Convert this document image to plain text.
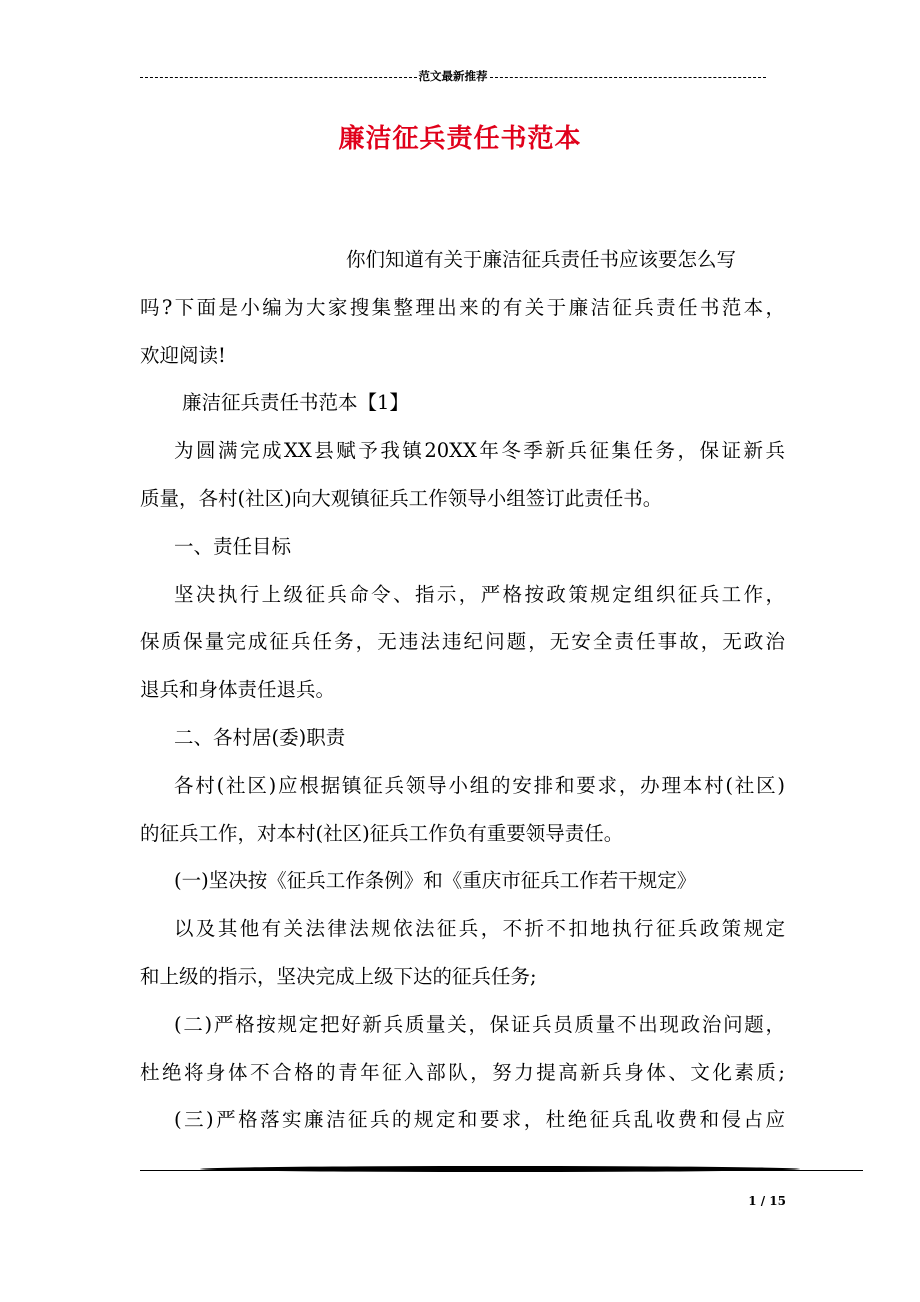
范文最新推荐
廉洁征兵责任书范本
你们知道有关于廉洁征兵责任书应该要怎么写
吗?下面是小编为大家搜集整理出来的有关于廉洁征兵责任书范本，
欢迎阅读!
廉洁征兵责任书范本【1】
为圆满完成XX县赋予我镇20XX年冬季新兵征集任务，保证新兵
质量，各村(社区)向大观镇征兵工作领导小组签订此责任书。
一、责任目标
坚决执行上级征兵命令、指示，严格按政策规定组织征兵工作，
保质保量完成征兵任务，无违法违纪问题，无安全责任事故，无政治
退兵和身体责任退兵。
二、各村居(委)职责
各村(社区)应根据镇征兵领导小组的安排和要求，办理本村(社区)
的征兵工作，对本村(社区)征兵工作负有重要领导责任。
(一)坚决按《征兵工作条例》和《重庆市征兵工作若干规定》
以及其他有关法律法规依法征兵，不折不扣地执行征兵政策规定
和上级的指示，坚决完成上级下达的征兵任务;
(二)严格按规定把好新兵质量关，保证兵员质量不出现政治问题，
杜绝将身体不合格的青年征入部队，努力提高新兵身体、文化素质;
(三)严格落实廉洁征兵的规定和要求，杜绝征兵乱收费和侵占应
1 / 15
